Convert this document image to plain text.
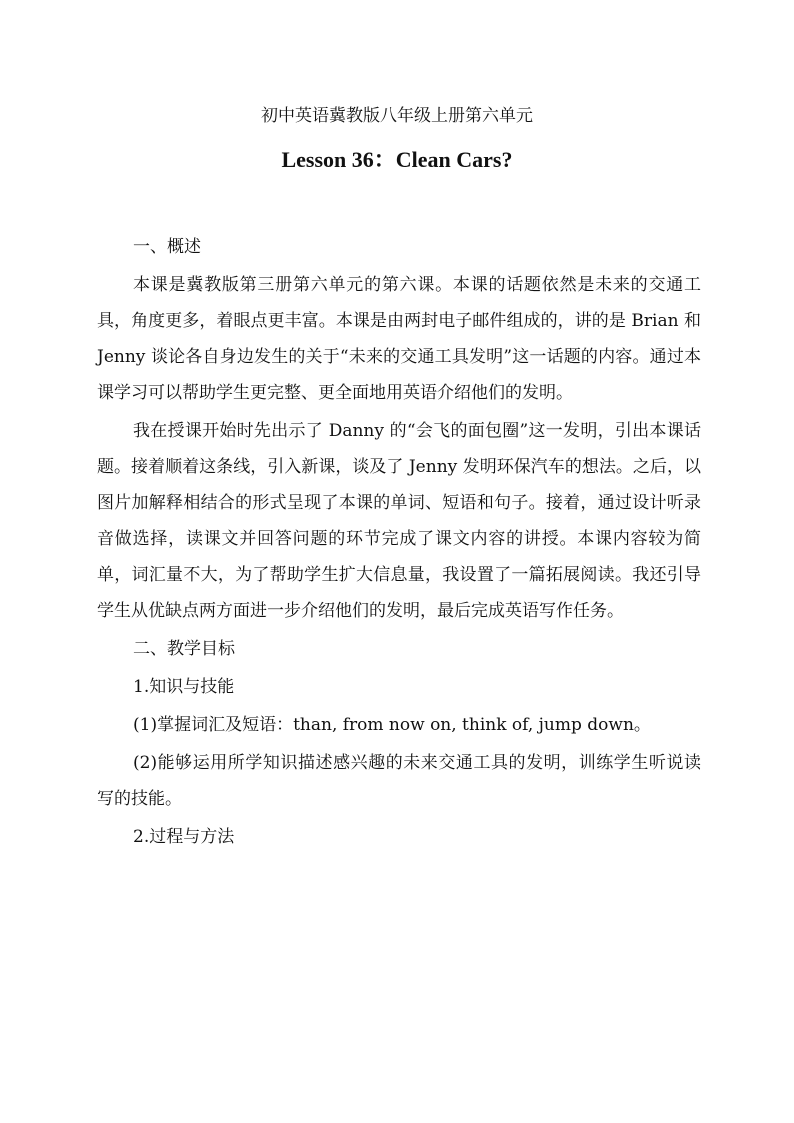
初中英语冀教版八年级上册第六单元
Lesson 36：Clean Cars?

一、概述

本课是冀教版第三册第六单元的第六课。本课的话题依然是未来的交通工具，角度更多，着眼点更丰富。本课是由两封电子邮件组成的，讲的是 Brian 和 Jenny 谈论各自身边发生的关于“未来的交通工具发明”这一话题的内容。通过本课学习可以帮助学生更完整、更全面地用英语介绍他们的发明。

我在授课开始时先出示了 Danny 的“会飞的面包圈”这一发明，引出本课话题。接着顺着这条线，引入新课，谈及了 Jenny 发明环保汽车的想法。之后，以图片加解释相结合的形式呈现了本课的单词、短语和句子。接着，通过设计听录音做选择，读课文并回答问题的环节完成了课文内容的讲授。本课内容较为简单，词汇量不大，为了帮助学生扩大信息量，我设置了一篇拓展阅读。我还引导学生从优缺点两方面进一步介绍他们的发明，最后完成英语写作任务。

二、教学目标

1.知识与技能

(1)掌握词汇及短语：than, from now on, think of, jump down。

(2)能够运用所学知识描述感兴趣的未来交通工具的发明，训练学生听说读写的技能。

2.过程与方法
